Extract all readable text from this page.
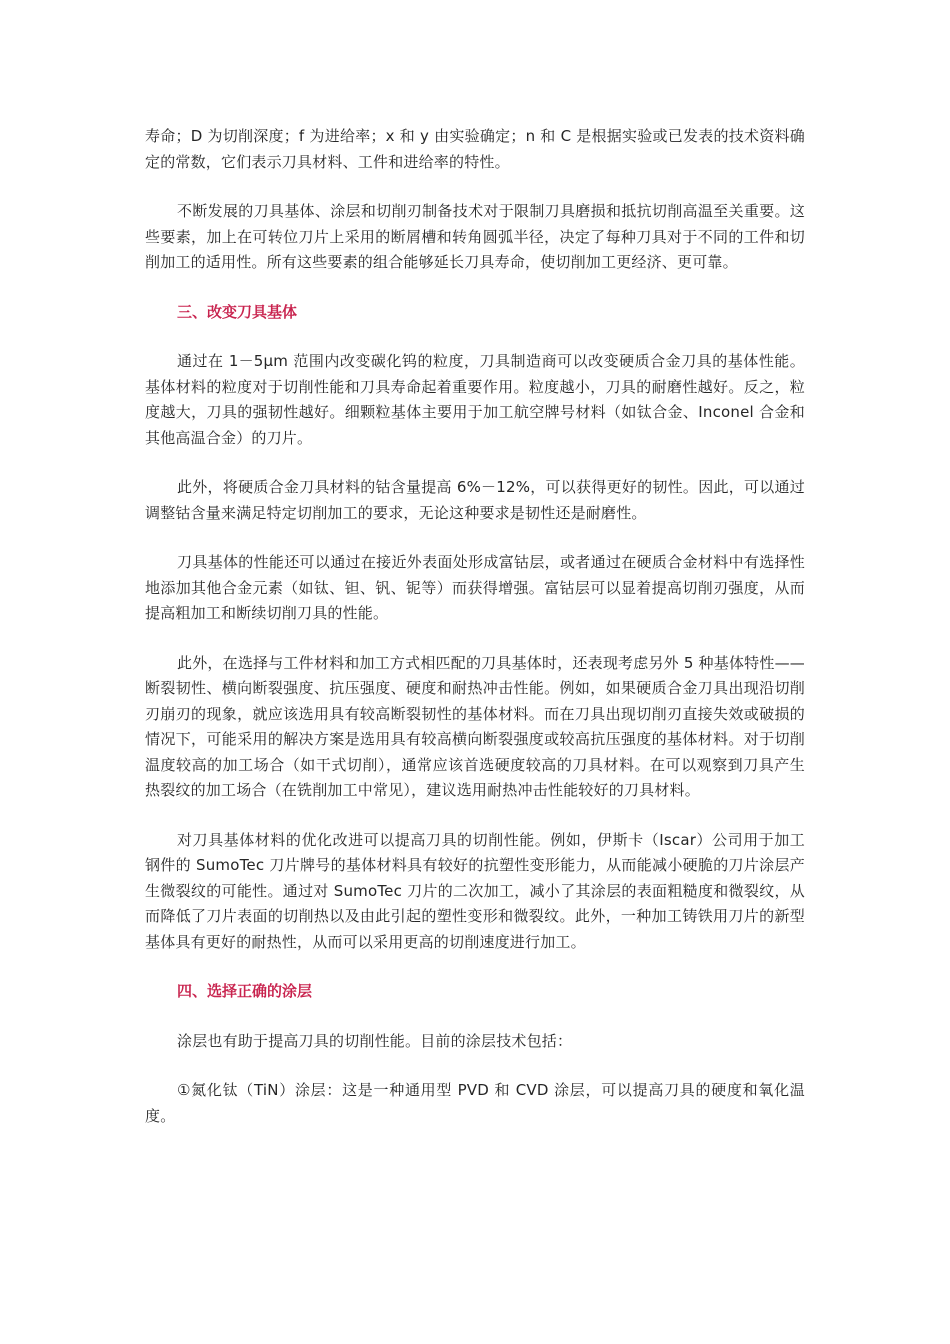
寿命；D 为切削深度；f 为进给率；x 和 y 由实验确定；n 和 C 是根据实验或已发表的技术资料确定的常数，它们表示刀具材料、工件和进给率的特性。

不断发展的刀具基体、涂层和切削刃制备技术对于限制刀具磨损和抵抗切削高温至关重要。这些要素，加上在可转位刀片上采用的断屑槽和转角圆弧半径，决定了每种刀具对于不同的工件和切削加工的适用性。所有这些要素的组合能够延长刀具寿命，使切削加工更经济、更可靠。

三、改变刀具基体

通过在 1－5μm 范围内改变碳化钨的粒度，刀具制造商可以改变硬质合金刀具的基体性能。基体材料的粒度对于切削性能和刀具寿命起着重要作用。粒度越小，刀具的耐磨性越好。反之，粒度越大，刀具的强韧性越好。细颗粒基体主要用于加工航空牌号材料（如钛合金、Inconel 合金和其他高温合金）的刀片。

此外，将硬质合金刀具材料的钴含量提高 6%－12%，可以获得更好的韧性。因此，可以通过调整钴含量来满足特定切削加工的要求，无论这种要求是韧性还是耐磨性。

刀具基体的性能还可以通过在接近外表面处形成富钴层，或者通过在硬质合金材料中有选择性地添加其他合金元素（如钛、钽、钒、铌等）而获得增强。富钴层可以显着提高切削刃强度，从而提高粗加工和断续切削刀具的性能。

此外，在选择与工件材料和加工方式相匹配的刀具基体时，还表现考虑另外 5 种基体特性——断裂韧性、横向断裂强度、抗压强度、硬度和耐热冲击性能。例如，如果硬质合金刀具出现沿切削刃崩刃的现象，就应该选用具有较高断裂韧性的基体材料。而在刀具出现切削刃直接失效或破损的情况下，可能采用的解决方案是选用具有较高横向断裂强度或较高抗压强度的基体材料。对于切削温度较高的加工场合（如干式切削），通常应该首选硬度较高的刀具材料。在可以观察到刀具产生热裂纹的加工场合（在铣削加工中常见），建议选用耐热冲击性能较好的刀具材料。

对刀具基体材料的优化改进可以提高刀具的切削性能。例如，伊斯卡（Iscar）公司用于加工钢件的 SumoTec 刀片牌号的基体材料具有较好的抗塑性变形能力，从而能减小硬脆的刀片涂层产生微裂纹的可能性。通过对 SumoTec 刀片的二次加工，减小了其涂层的表面粗糙度和微裂纹，从而降低了刀片表面的切削热以及由此引起的塑性变形和微裂纹。此外，一种加工铸铁用刀片的新型基体具有更好的耐热性，从而可以采用更高的切削速度进行加工。

四、选择正确的涂层

涂层也有助于提高刀具的切削性能。目前的涂层技术包括：

①氮化钛（TiN）涂层：这是一种通用型 PVD 和 CVD 涂层，可以提高刀具的硬度和氧化温度。
